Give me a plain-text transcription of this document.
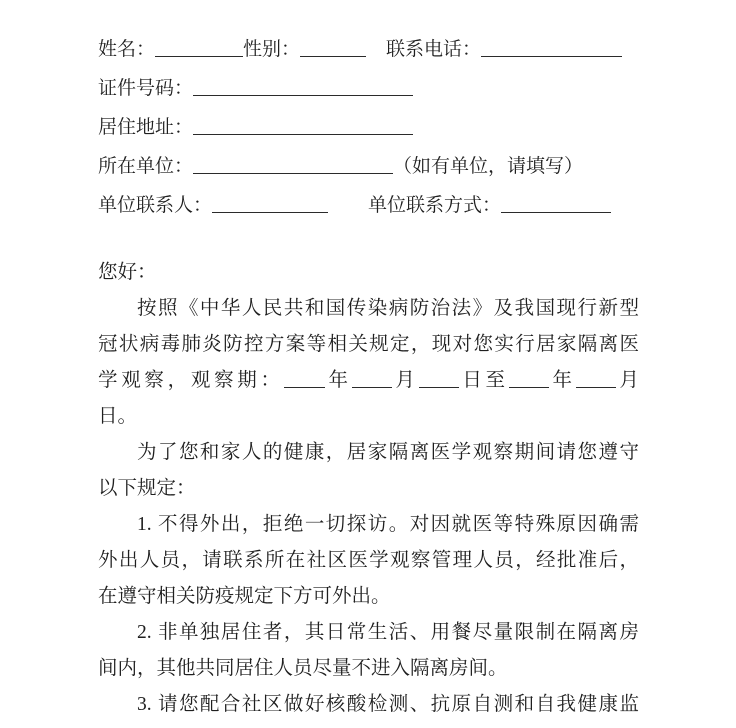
姓名：	性别：	联系电话：
证件号码：
居住地址：
所在单位：	（如有单位，请填写）
单位联系人：	单位联系方式：
您好：
按照《中华人民共和国传染病防治法》及我国现行新型
冠状病毒肺炎防控方案等相关规定，现对您实行居家隔离医
学观察，观察期： 年 月 日至 年 月
日。
为了您和家人的健康，居家隔离医学观察期间请您遵守
以下规定：
1. 不得外出，拒绝一切探访。对因就医等特殊原因确需
外出人员，请联系所在社区医学观察管理人员，经批准后，
在遵守相关防疫规定下方可外出。
2. 非单独居住者，其日常生活、用餐尽量限制在隔离房
间内，其他共同居住人员尽量不进入隔离房间。
3. 请您配合社区做好核酸检测、抗原自测和自我健康监
